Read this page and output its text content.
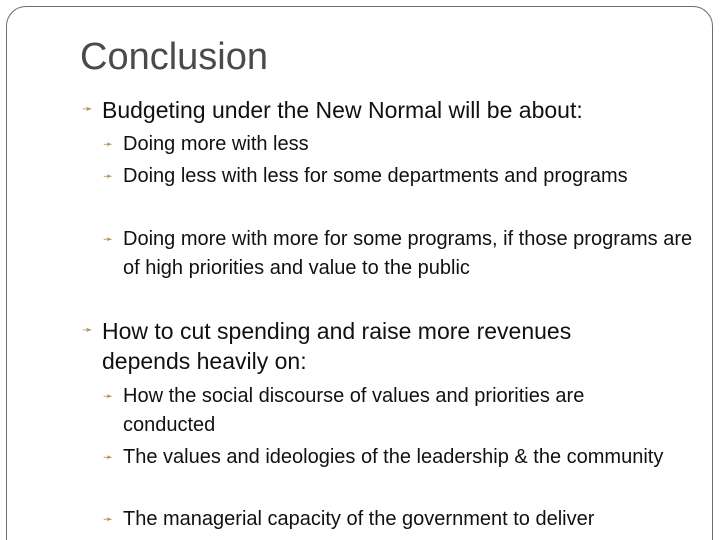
Conclusion
➛ Budgeting under the New Normal will be about:
➛ Doing more with less
➛ Doing less with less for some departments and programs
➛ Doing more with more for some programs, if those programs are of high priorities and value to the public
➛ How to cut spending and raise more revenues depends heavily on:
➛ How the social discourse of values and priorities are conducted
➛ The values and ideologies of the leadership & the community
➛ The managerial capacity of the government to deliver
